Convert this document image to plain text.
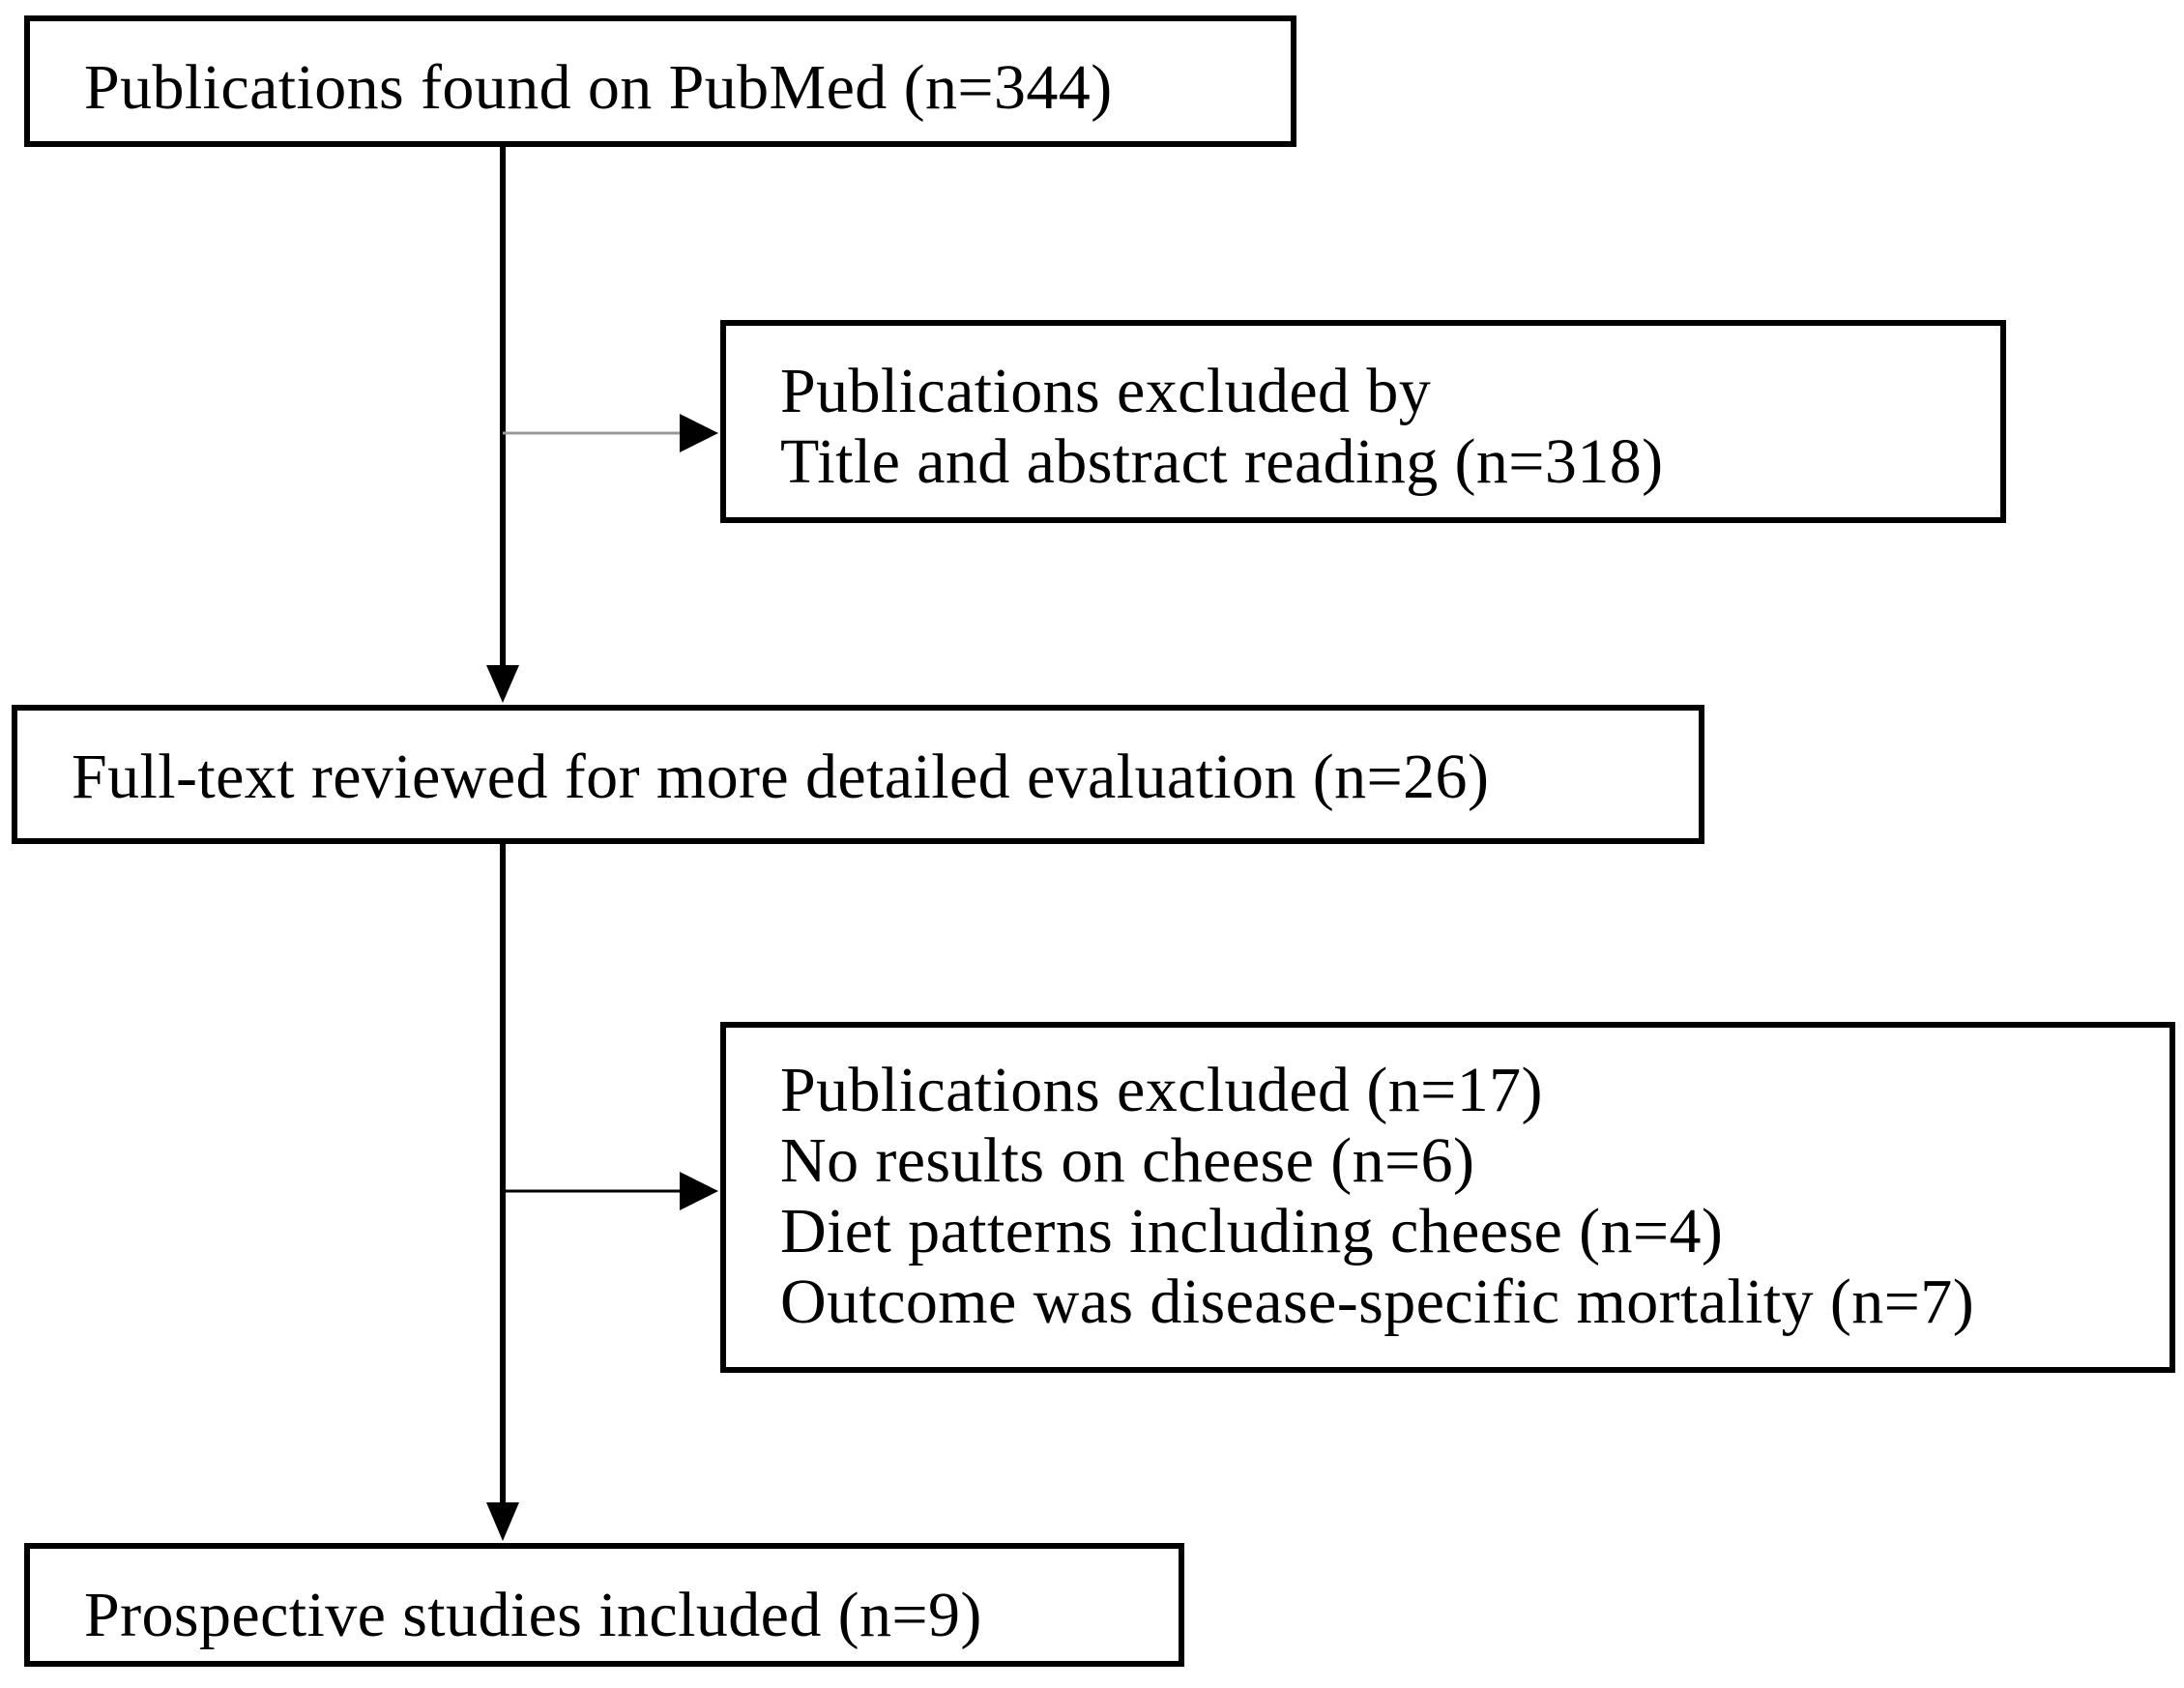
Publications found on PubMed (n=344)

Publications excluded by
Title and abstract reading (n=318)

Full-text reviewed for more detailed evaluation (n=26)

Publications excluded (n=17)
No results on cheese (n=6)
Diet patterns including cheese (n=4)
Outcome was disease-specific mortality (n=7)

Prospective studies included (n=9)
